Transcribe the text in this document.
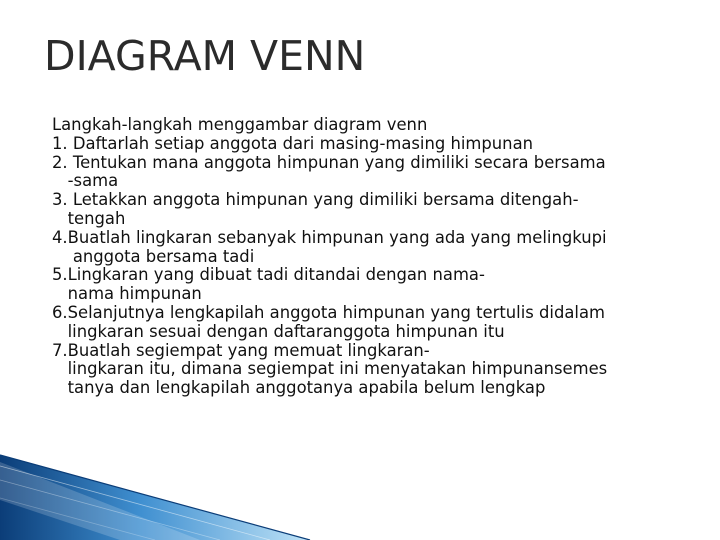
DIAGRAM VENN
Langkah-langkah menggambar diagram venn
1. Daftarlah setiap anggota dari masing-masing himpunan
2. Tentukan mana anggota himpunan yang dimiliki secara bersama
-sama
3. Letakkan anggota himpunan yang dimiliki bersama ditengah-
tengah
4.Buatlah lingkaran sebanyak himpunan yang ada yang melingkupi
anggota bersama tadi
5.Lingkaran yang dibuat tadi ditandai dengan nama-
nama himpunan
6.Selanjutnya lengkapilah anggota himpunan yang tertulis didalam
lingkaran sesuai dengan daftaranggota himpunan itu
7.Buatlah segiempat yang memuat lingkaran-
lingkaran itu, dimana segiempat ini menyatakan himpunansemes
tanya dan lengkapilah anggotanya apabila belum lengkap
